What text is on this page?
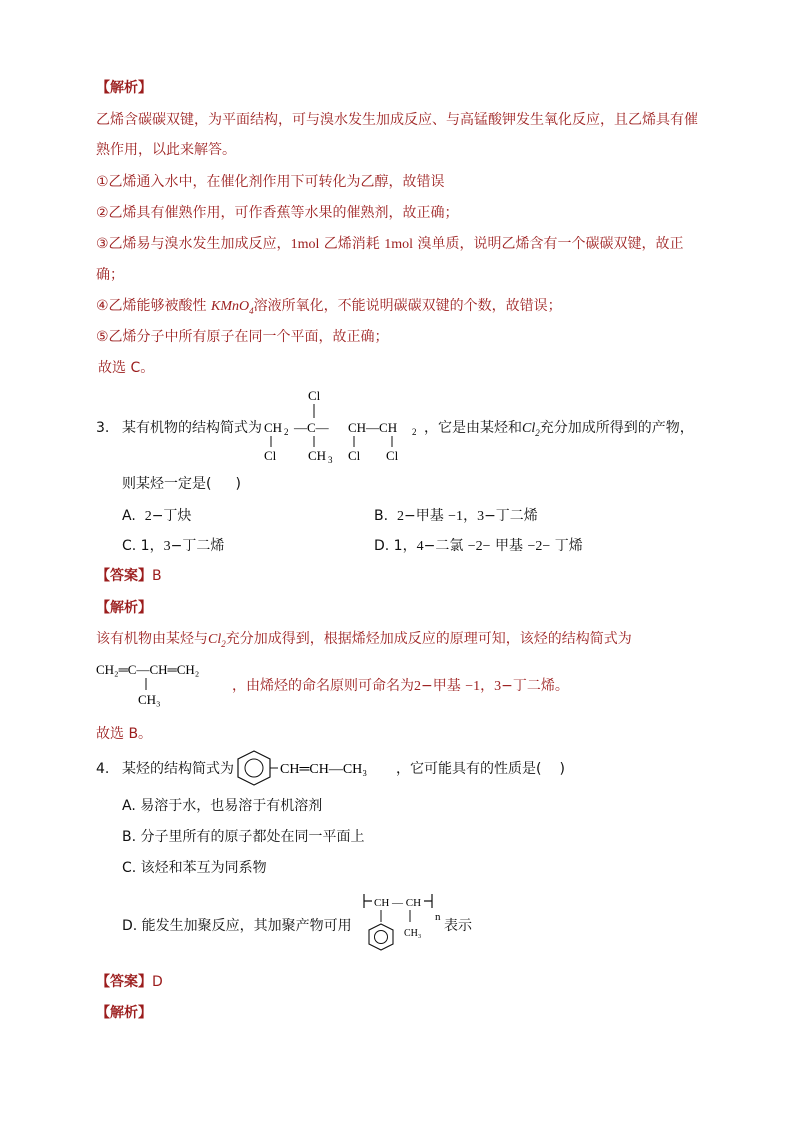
【解析】
乙烯含碳碳双键，为平面结构，可与溴水发生加成反应、与高锰酸钾发生氧化反应，且乙烯具有催
熟作用，以此来解答。
①乙烯通入水中，在催化剂作用下可转化为乙醇，故错误
②乙烯具有催熟作用，可作香蕉等水果的催熟剂，故正确；
③乙烯易与溴水发生加成反应，1mol 乙烯消耗 1mol 溴单质，说明乙烯含有一个碳碳双键，故正
确；
④乙烯能够被酸性 KMnO$_4$溶液所氧化，不能说明碳碳双键的个数，故错误；
⑤乙烯分子中所有原子在同一个平面，故正确；
故选 C。
3. 某有机物的结构简式为
Cl
CH 2 —C— CH—CH 2
Cl CH 3 Cl Cl
，它是由某烃和$Cl_2$充分加成所得到的产物，
则某烃一定是( )
A. 2−丁炔	B. 2−甲基 −1，3−丁二烯
C. 1，3−丁二烯	D. 1，4−二氯 −2− 甲基 −2− 丁烯
【答案】B
【解析】
该有机物由某烃与$Cl_2$充分加成得到，根据烯烃加成反应的原理可知，该烃的结构简式为
CH₂═C—CH═CH₂
CH₃
，由烯烃的命名原则可命名为2−甲基 −1，3−丁二烯。
故选 B。
4. 某烃的结构简式为	CH═CH—CH₃ ，它可能具有的性质是( )
A. 易溶于水，也易溶于有机溶剂
B. 分子里所有的原子都处在同一平面上
C. 该烃和苯互为同系物
D. 能发生加聚反应，其加聚产物可用
CH — CH
n
CH₃ 表示
【答案】D
【解析】
